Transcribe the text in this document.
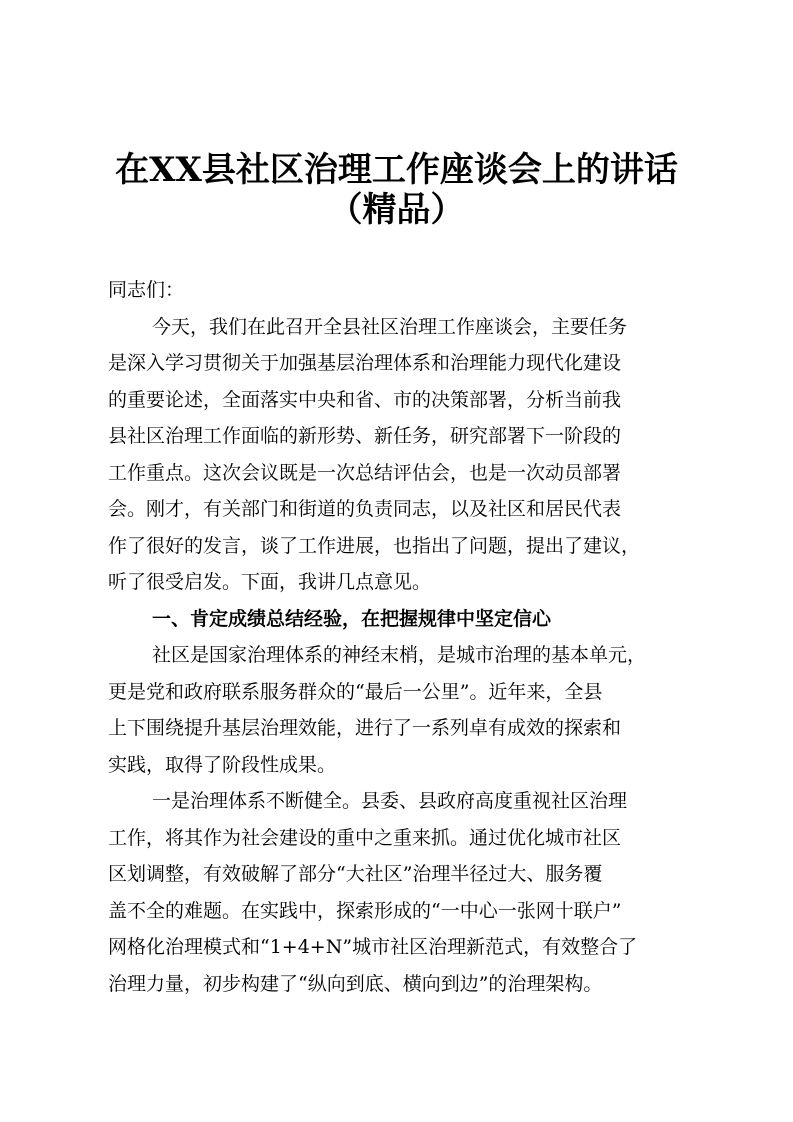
在XX县社区治理工作座谈会上的讲话
（精品）
同志们：
今天，我们在此召开全县社区治理工作座谈会，主要任务
是深入学习贯彻关于加强基层治理体系和治理能力现代化建设
的重要论述，全面落实中央和省、市的决策部署，分析当前我
县社区治理工作面临的新形势、新任务，研究部署下一阶段的
工作重点。这次会议既是一次总结评估会，也是一次动员部署
会。刚才，有关部门和街道的负责同志，以及社区和居民代表
作了很好的发言，谈了工作进展，也指出了问题，提出了建议，
听了很受启发。下面，我讲几点意见。
一、肯定成绩总结经验，在把握规律中坚定信心
社区是国家治理体系的神经末梢，是城市治理的基本单元，
更是党和政府联系服务群众的“最后一公里”。近年来，全县
上下围绕提升基层治理效能，进行了一系列卓有成效的探索和
实践，取得了阶段性成果。
一是治理体系不断健全。县委、县政府高度重视社区治理
工作，将其作为社会建设的重中之重来抓。通过优化城市社区
区划调整，有效破解了部分“大社区”治理半径过大、服务覆
盖不全的难题。在实践中，探索形成的“一中心一张网十联户”
网格化治理模式和“1+4+N”城市社区治理新范式，有效整合了
治理力量，初步构建了“纵向到底、横向到边”的治理架构。
